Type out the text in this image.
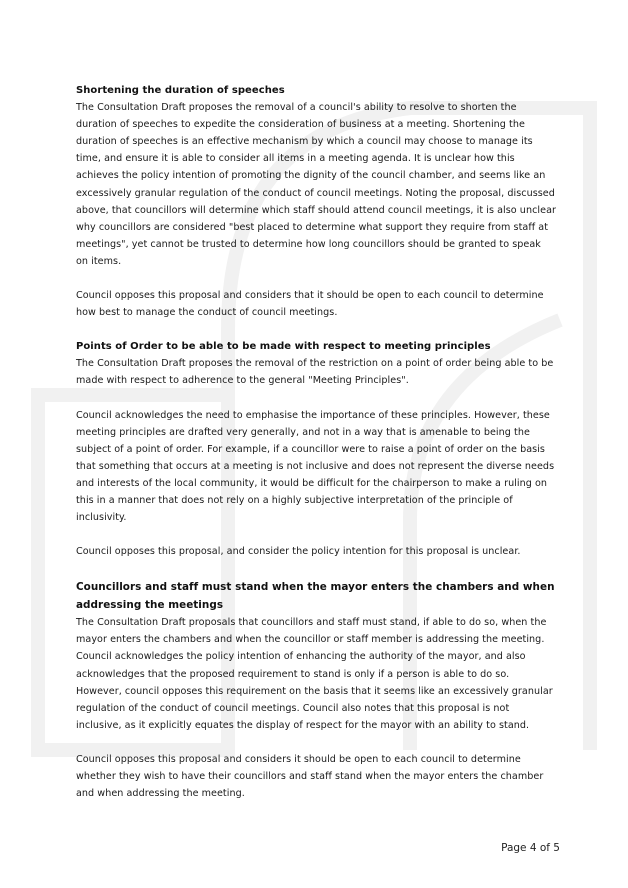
Shortening the duration of speeches

The Consultation Draft proposes the removal of a council's ability to resolve to shorten the duration of speeches to expedite the consideration of business at a meeting. Shortening the duration of speeches is an effective mechanism by which a council may choose to manage its time, and ensure it is able to consider all items in a meeting agenda. It is unclear how this achieves the policy intention of promoting the dignity of the council chamber, and seems like an excessively granular regulation of the conduct of council meetings. Noting the proposal, discussed above, that councillors will determine which staff should attend council meetings, it is also unclear why councillors are considered "best placed to determine what support they require from staff at meetings", yet cannot be trusted to determine how long councillors should be granted to speak on items.

Council opposes this proposal and considers that it should be open to each council to determine how best to manage the conduct of council meetings.

Points of Order to be able to be made with respect to meeting principles

The Consultation Draft proposes the removal of the restriction on a point of order being able to be made with respect to adherence to the general "Meeting Principles".

Council acknowledges the need to emphasise the importance of these principles. However, these meeting principles are drafted very generally, and not in a way that is amenable to being the subject of a point of order. For example, if a councillor were to raise a point of order on the basis that something that occurs at a meeting is not inclusive and does not represent the diverse needs and interests of the local community, it would be difficult for the chairperson to make a ruling on this in a manner that does not rely on a highly subjective interpretation of the principle of inclusivity.

Council opposes this proposal, and consider the policy intention for this proposal is unclear.

Councillors and staff must stand when the mayor enters the chambers and when addressing the meetings

The Consultation Draft proposals that councillors and staff must stand, if able to do so, when the mayor enters the chambers and when the councillor or staff member is addressing the meeting. Council acknowledges the policy intention of enhancing the authority of the mayor, and also acknowledges that the proposed requirement to stand is only if a person is able to do so. However, council opposes this requirement on the basis that it seems like an excessively granular regulation of the conduct of council meetings. Council also notes that this proposal is not inclusive, as it explicitly equates the display of respect for the mayor with an ability to stand.

Council opposes this proposal and considers it should be open to each council to determine whether they wish to have their councillors and staff stand when the mayor enters the chamber and when addressing the meeting.

Page 4 of 5
